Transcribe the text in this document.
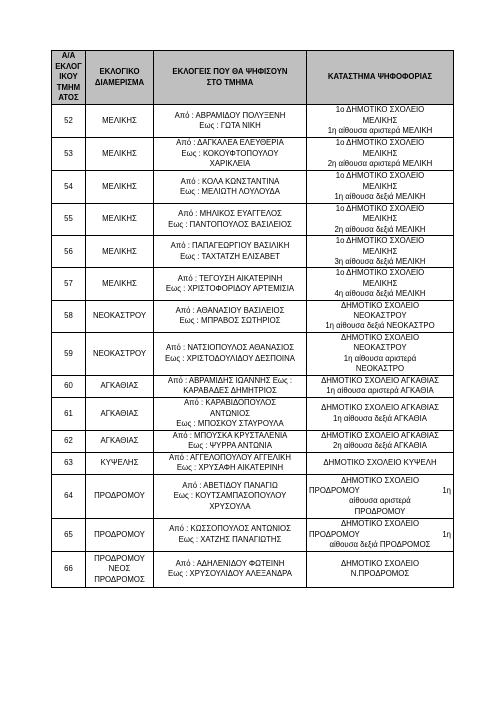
Α/Α
ΕΚΛΟΓ
ΙΚΟΥ
ΤΜΗΜ
ΑΤΟΣ	ΕΚΛΟΓΙΚΟ
ΔΙΑΜΕΡΙΣΜΑ	ΕΚΛΟΓΕΙΣ ΠΟΥ ΘΑ ΨΗΦΙΣΟΥΝ
ΣΤΟ ΤΜΗΜΑ	ΚΑΤΑΣΤΗΜΑ ΨΗΦΟΦΟΡΙΑΣ

52	ΜΕΛΙΚΗΣ	Από : ΑΒΡΑΜΙΔΟΥ ΠΟΛΥΞΕΝΗ
Εως : ΓΩΤΑ ΝΙΚΗ	1ο ΔΗΜΟΤΙΚΟ ΣΧΟΛΕΙΟ
ΜΕΛΙΚΗΣ
1η αίθουσα αριστερά ΜΕΛΙΚΗ

53	ΜΕΛΙΚΗΣ	Από : ΔΑΓΚΑΛΕΑ ΕΛΕΥΘΕΡΙΑ
Εως : ΚΟΚΟΥΦΤΟΠΟΥΛΟΥ
ΧΑΡΙΚΛΕΙΑ	1ο ΔΗΜΟΤΙΚΟ ΣΧΟΛΕΙΟ
ΜΕΛΙΚΗΣ
2η αίθουσα αριστερά ΜΕΛΙΚΗ

54	ΜΕΛΙΚΗΣ	Από : ΚΟΛΑ ΚΩΝΣΤΑΝΤΙΝΑ
Εως : ΜΕΛΙΩΤΗ ΛΟΥΛΟΥΔΑ	1ο ΔΗΜΟΤΙΚΟ ΣΧΟΛΕΙΟ
ΜΕΛΙΚΗΣ
1η αίθουσα δεξιά ΜΕΛΙΚΗ

55	ΜΕΛΙΚΗΣ	Από : ΜΗΛΙΚΟΣ ΕΥΑΓΓΕΛΟΣ
Εως : ΠΑΝΤΟΠΟΥΛΟΣ ΒΑΣΙΛΕΙΟΣ	1ο ΔΗΜΟΤΙΚΟ ΣΧΟΛΕΙΟ
ΜΕΛΙΚΗΣ
2η αίθουσα δεξιά ΜΕΛΙΚΗ

56	ΜΕΛΙΚΗΣ	Από : ΠΑΠΑΓΕΩΡΓΙΟΥ ΒΑΣΙΛΙΚΗ
Εως : ΤΑΧΤΑΤΖΗ ΕΛΙΣΑΒΕΤ	1ο ΔΗΜΟΤΙΚΟ ΣΧΟΛΕΙΟ
ΜΕΛΙΚΗΣ
3η αίθουσα δεξιά ΜΕΛΙΚΗ

57	ΜΕΛΙΚΗΣ	Από : ΤΕΓΟΥΣΗ ΑΙΚΑΤΕΡΙΝΗ
Εως : ΧΡΙΣΤΟΦΟΡΙΔΟΥ ΑΡΤΕΜΙΣΙΑ	1ο ΔΗΜΟΤΙΚΟ ΣΧΟΛΕΙΟ
ΜΕΛΙΚΗΣ
4η αίθουσα δεξιά ΜΕΛΙΚΗ

58	ΝΕΟΚΑΣΤΡΟΥ	Από : ΑΘΑΝΑΣΙΟΥ ΒΑΣΙΛΕΙΟΣ
Εως : ΜΠΡΑΒΟΣ ΣΩΤΗΡΙΟΣ	ΔΗΜΟΤΙΚΟ ΣΧΟΛΕΙΟ
ΝΕΟΚΑΣΤΡΟΥ
1η αίθουσα δεξιά ΝΕΟΚΑΣΤΡΟ

59	ΝΕΟΚΑΣΤΡΟΥ	Από : ΝΑΤΣΙΟΠΟΥΛΟΣ ΑΘΑΝΑΣΙΟΣ
Εως : ΧΡΙΣΤΟΔΟΥΛΙΔΟΥ ΔΕΣΠΟΙΝΑ	ΔΗΜΟΤΙΚΟ ΣΧΟΛΕΙΟ
ΝΕΟΚΑΣΤΡΟΥ
1η αίθουσα αριστερά
ΝΕΟΚΑΣΤΡΟ

60	ΑΓΚΑΘΙΑΣ	Από : ΑΒΡΑΜΙΔΗΣ ΙΩΑΝΝΗΣ Εως :
ΚΑΡΑΒΑΔΕΣ ΔΗΜΗΤΡΙΟΣ	ΔΗΜΟΤΙΚΟ ΣΧΟΛΕΙΟ ΑΓΚΑΘΙΑΣ
1η αίθουσα αριστερά ΑΓΚΑΘΙΑ

61	ΑΓΚΑΘΙΑΣ	Από : ΚΑΡΑΒΙΔΟΠΟΥΛΟΣ
ΑΝΤΩΝΙΟΣ
Εως : ΜΠΟΣΚΟΥ ΣΤΑΥΡΟΥΛΑ	ΔΗΜΟΤΙΚΟ ΣΧΟΛΕΙΟ ΑΓΚΑΘΙΑΣ
1η αίθουσα δεξιά ΑΓΚΑΘΙΑ

62	ΑΓΚΑΘΙΑΣ	Από : ΜΠΟΥΣΚΑ ΚΡΥΣΤΑΛΕΝΙΑ
Εως : ΨΥΡΡΑ ΑΝΤΩΝΙΑ	ΔΗΜΟΤΙΚΟ ΣΧΟΛΕΙΟ ΑΓΚΑΘΙΑΣ
2η αίθουσα δεξιά ΑΓΚΑΘΙΑ

63	ΚΥΨΕΛΗΣ	Από : ΑΓΓΕΛΟΠΟΥΛΟΥ ΑΓΓΕΛΙΚΗ
Εως : ΧΡΥΣΑΦΗ ΑΙΚΑΤΕΡΙΝΗ	ΔΗΜΟΤΙΚΟ ΣΧΟΛΕΙΟ ΚΥΨΕΛΗ

64	ΠΡΟΔΡΟΜΟΥ	Από : ΑΒΕΤΙΔΟΥ ΠΑΝΑΓΙΩ
Εως : ΚΟΥΤΣΑΜΠΑΣΟΠΟΥΛΟΥ
ΧΡΥΣΟΥΛΑ	ΔΗΜΟΤΙΚΟ ΣΧΟΛΕΙΟ
ΠΡΟΔΡΟΜΟΥ 1η
αίθουσα αριστερά
ΠΡΟΔΡΟΜΟΥ

65	ΠΡΟΔΡΟΜΟΥ	Από : ΚΩΣΣΟΠΟΥΛΟΣ ΑΝΤΩΝΙΟΣ
Εως : ΧΑΤΖΗΣ ΠΑΝΑΓΙΩΤΗΣ	ΔΗΜΟΤΙΚΟ ΣΧΟΛΕΙΟ
ΠΡΟΔΡΟΜΟΥ 1η
αίθουσα δεξιά ΠΡΟΔΡΟΜΟΣ

66	ΠΡΟΔΡΟΜΟΥ
ΝΕΟΣ
ΠΡΟΔΡΟΜΟΣ	Από : ΑΔΗΛΕΝΙΔΟΥ ΦΩΤΕΙΝΗ
Εως : ΧΡΥΣΟΥΛΙΔΟΥ ΑΛΕΞΑΝΔΡΑ	ΔΗΜΟΤΙΚΟ ΣΧΟΛΕΙΟ
Ν.ΠΡΟΔΡΟΜΟΣ
